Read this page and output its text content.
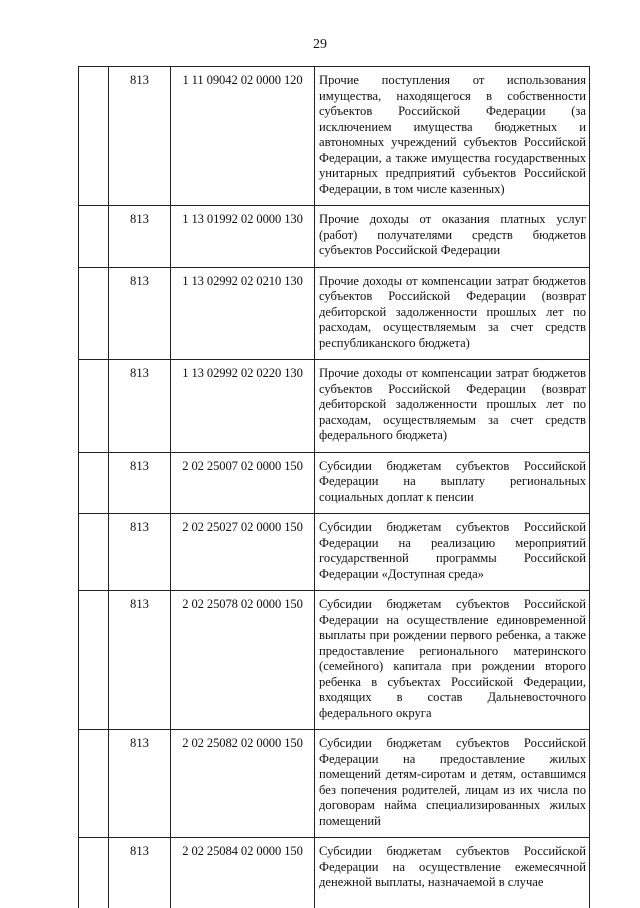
29
	813	1 11 09042 02 0000 120	Прочие поступления от использования имущества, находящегося в собственности субъектов Российской Федерации (за исключением имущества бюджетных и автономных учреждений субъектов Российской Федерации, а также имущества государственных унитарных предприятий субъектов Российской Федерации, в том числе казенных)
	813	1 13 01992 02 0000 130	Прочие доходы от оказания платных услуг (работ) получателями средств бюджетов субъектов Российской Федерации
	813	1 13 02992 02 0210 130	Прочие доходы от компенсации затрат бюджетов субъектов Российской Федерации (возврат дебиторской задолженности прошлых лет по расходам, осуществляемым за счет средств республиканского бюджета)
	813	1 13 02992 02 0220 130	Прочие доходы от компенсации затрат бюджетов субъектов Российской Федерации (возврат дебиторской задолженности прошлых лет по расходам, осуществляемым за счет средств федерального бюджета)
	813	2 02 25007 02 0000 150	Субсидии бюджетам субъектов Российской Федерации на выплату региональных социальных доплат к пенсии
	813	2 02 25027 02 0000 150	Субсидии бюджетам субъектов Российской Федерации на реализацию мероприятий государственной программы Российской Федерации «Доступная среда»
	813	2 02 25078 02 0000 150	Субсидии бюджетам субъектов Российской Федерации на осуществление единовременной выплаты при рождении первого ребенка, а также предоставление регионального материнского (семейного) капитала при рождении второго ребенка в субъектах Российской Федерации, входящих в состав Дальневосточного федерального округа
	813	2 02 25082 02 0000 150	Субсидии бюджетам субъектов Российской Федерации на предоставление жилых помещений детям-сиротам и детям, оставшимся без попечения родителей, лицам из их числа по договорам найма специализированных жилых помещений
	813	2 02 25084 02 0000 150	Субсидии бюджетам субъектов Российской Федерации на осуществление ежемесячной денежной выплаты, назначаемой в случае
